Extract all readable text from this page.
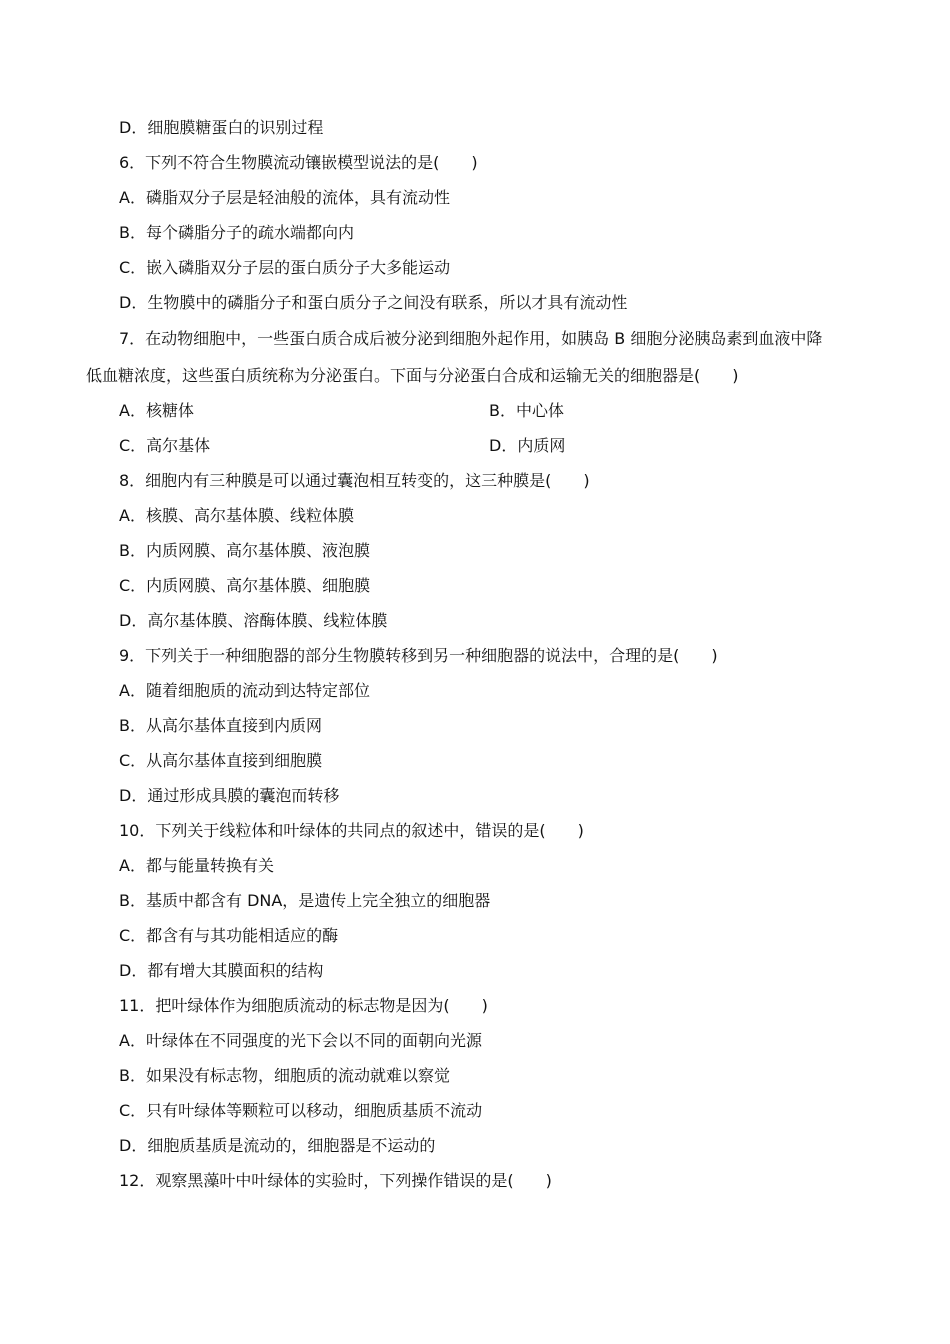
D．细胞膜糖蛋白的识别过程
6．下列不符合生物膜流动镶嵌模型说法的是(　　)
A．磷脂双分子层是轻油般的流体，具有流动性
B．每个磷脂分子的疏水端都向内
C．嵌入磷脂双分子层的蛋白质分子大多能运动
D．生物膜中的磷脂分子和蛋白质分子之间没有联系，所以才具有流动性
7．在动物细胞中，一些蛋白质合成后被分泌到细胞外起作用，如胰岛 B 细胞分泌胰岛素到血液中降
低血糖浓度，这些蛋白质统称为分泌蛋白。下面与分泌蛋白合成和运输无关的细胞器是(　　)
A．核糖体	B．中心体
C．高尔基体	D．内质网
8．细胞内有三种膜是可以通过囊泡相互转变的，这三种膜是(　　)
A．核膜、高尔基体膜、线粒体膜
B．内质网膜、高尔基体膜、液泡膜
C．内质网膜、高尔基体膜、细胞膜
D．高尔基体膜、溶酶体膜、线粒体膜
9．下列关于一种细胞器的部分生物膜转移到另一种细胞器的说法中，合理的是(　　)
A．随着细胞质的流动到达特定部位
B．从高尔基体直接到内质网
C．从高尔基体直接到细胞膜
D．通过形成具膜的囊泡而转移
10．下列关于线粒体和叶绿体的共同点的叙述中，错误的是(　　)
A．都与能量转换有关
B．基质中都含有 DNA，是遗传上完全独立的细胞器
C．都含有与其功能相适应的酶
D．都有增大其膜面积的结构
11．把叶绿体作为细胞质流动的标志物是因为(　　)
A．叶绿体在不同强度的光下会以不同的面朝向光源
B．如果没有标志物，细胞质的流动就难以察觉
C．只有叶绿体等颗粒可以移动，细胞质基质不流动
D．细胞质基质是流动的，细胞器是不运动的
12．观察黑藻叶中叶绿体的实验时，下列操作错误的是(　　)
